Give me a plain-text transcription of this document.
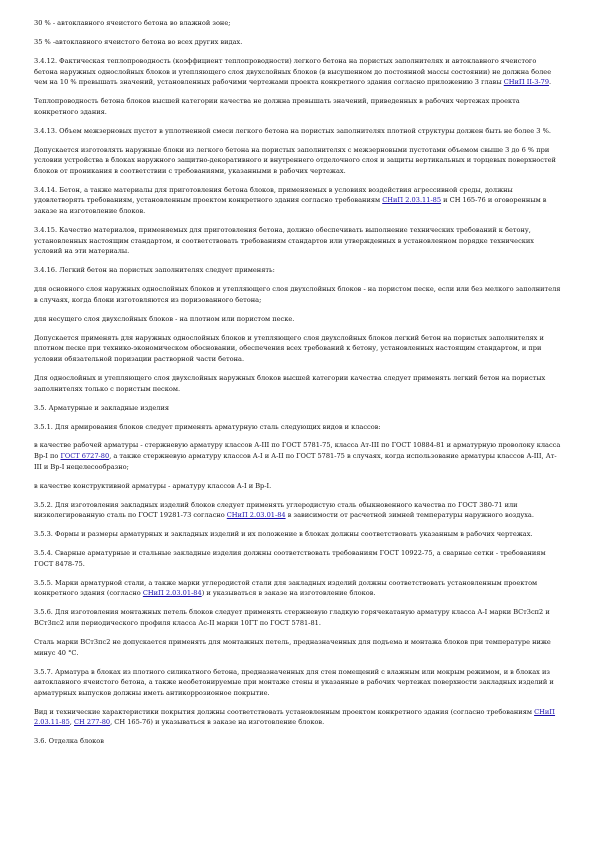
30 % - автоклавного ячеистого бетона во влажной зоне;

35 % -автоклавного ячеистого бетона во всех других видах.

3.4.12. Фактическая теплопроводность (коэффициент теплопроводности) легкого бетона на пористых заполнителях и автоклавного ячеистого бетона наружных однослойных блоков и утепляющего слоя двухслойных блоков (в высушенном до постоянной массы состоянии) не должна более чем на 10 % превышать значений, установленных рабочими чертежами проекта конкретного здания согласно приложению 3 главы СНиП II-3-79.

Теплопроводность бетона блоков высшей категории качества не должна превышать значений, приведенных в рабочих чертежах проекта конкретного здания.

3.4.13. Объем межзерновых пустот в уплотненной смеси легкого бетона на пористых заполнителях плотной структуры должен быть не более 3 %.

Допускается изготовлять наружные блоки из легкого бетона на пористых заполнителях с межзерновыми пустотами объемом свыше 3 до 6 % при условии устройства в блоках наружного защитно-декоративного и внутреннего отделочного слоя и защиты вертикальных и торцевых поверхностей блоков от проникания в соответствии с требованиями, указанными в рабочих чертежах.

3.4.14. Бетон, а также материалы для приготовления бетона блоков, применяемых в условиях воздействия агрессивной среды, должны удовлетворять требованиям, установленным проектом конкретного здания согласно требованиям СНиП 2.03.11-85 и СН 165-76 и оговоренным в заказе на изготовление блоков.

3.4.15. Качество материалов, применяемых для приготовления бетона, должно обеспечивать выполнение технических требований к бетону, установленных настоящим стандартом, и соответствовать требованиям стандартов или утвержденных в установленном порядке технических условий на эти материалы.

3.4.16. Легкий бетон на пористых заполнителях следует применять:

для основного слоя наружных однослойных блоков и утепляющего слоя двухслойных блоков - на пористом песке, если или без мелкого заполнителя в случаях, когда блоки изготовляются из поризованного бетона;

для несущего слоя двухслойных блоков - на плотном или пористом песке.

Допускается применять для наружных однослойных блоков и утепляющего слоя двухслойных блоков легкий бетон на пористых заполнителях и плотном песке при технико-экономическом обосновании, обеспечения всех требований к бетону, установленных настоящим стандартом, и при условии обязательной поризации растворной части бетона.

Для однослойных и утепляющего слоя двухслойных наружных блоков высшей категории качества следует применять легкий бетон на пористых заполнителях только с пористым песком.

3.5. Арматурные и закладные изделия

3.5.1. Для армирования блоков следует применять арматурную сталь следующих видов и классов:

в качестве рабочей арматуры - стержневую арматуру классов А-III по ГОСТ 5781-75, класса Ат-III по ГОСТ 10884-81 и арматурную проволоку класса Вр-I по ГОСТ 6727-80, а также стержневую арматуру классов А-I и А-II по ГОСТ 5781-75 в случаях, когда использование арматуры классов А-III, Ат-III и Вр-I нецелесообразно;

в качестве конструктивной арматуры - арматуру классов А-I и Вр-I.

3.5.2. Для изготовления закладных изделий блоков следует применять углеродистую сталь обыкновенного качества по ГОСТ 380-71 или низколегированную сталь по ГОСТ 19281-73 согласно СНиП 2.03.01-84 в зависимости от расчетной зимней температуры наружного воздуха.

3.5.3. Формы и размеры арматурных и закладных изделий и их положение в блоках должны соответствовать указанным в рабочих чертежах.

3.5.4. Сварные арматурные и стальные закладные изделия должны соответствовать требованиям ГОСТ 10922-75, а сварные сетки - требованиям ГОСТ 8478-75.

3.5.5. Марки арматурной стали, а также марки углеродистой стали для закладных изделий должны соответствовать установленным проектом конкретного здания (согласно СНиП 2.03.01-84) и указываться в заказе на изготовление блоков.

3.5.6. Для изготовления монтажных петель блоков следует применять стержневую гладкую горячекатаную арматуру класса А-I марки ВСт3сп2 и ВСт3пс2 или периодического профиля класса Ас-II марки 10ГТ по ГОСТ 5781-81.

Сталь марки ВСт3пс2 не допускается применять для монтажных петель, предназначенных для подъема и монтажа блоков при температуре ниже минус 40 °С.

3.5.7. Арматура в блоках из плотного силикатного бетона, предназначенных для стен помещений с влажным или мокрым режимом, и в блоках из автоклавного ячеистого бетона, а также необетонируемые при монтаже стены и указанные в рабочих чертежах поверхности закладных изделий и арматурных выпусков должны иметь антикоррозионное покрытие.

Вид и технические характеристики покрытия должны соответствовать установленным проектом конкретного здания (согласно требованиям СНиП 2.03.11-85, СН 277-80, СН 165-76) и указываться в заказе на изготовление блоков.

3.6. Отделка блоков
